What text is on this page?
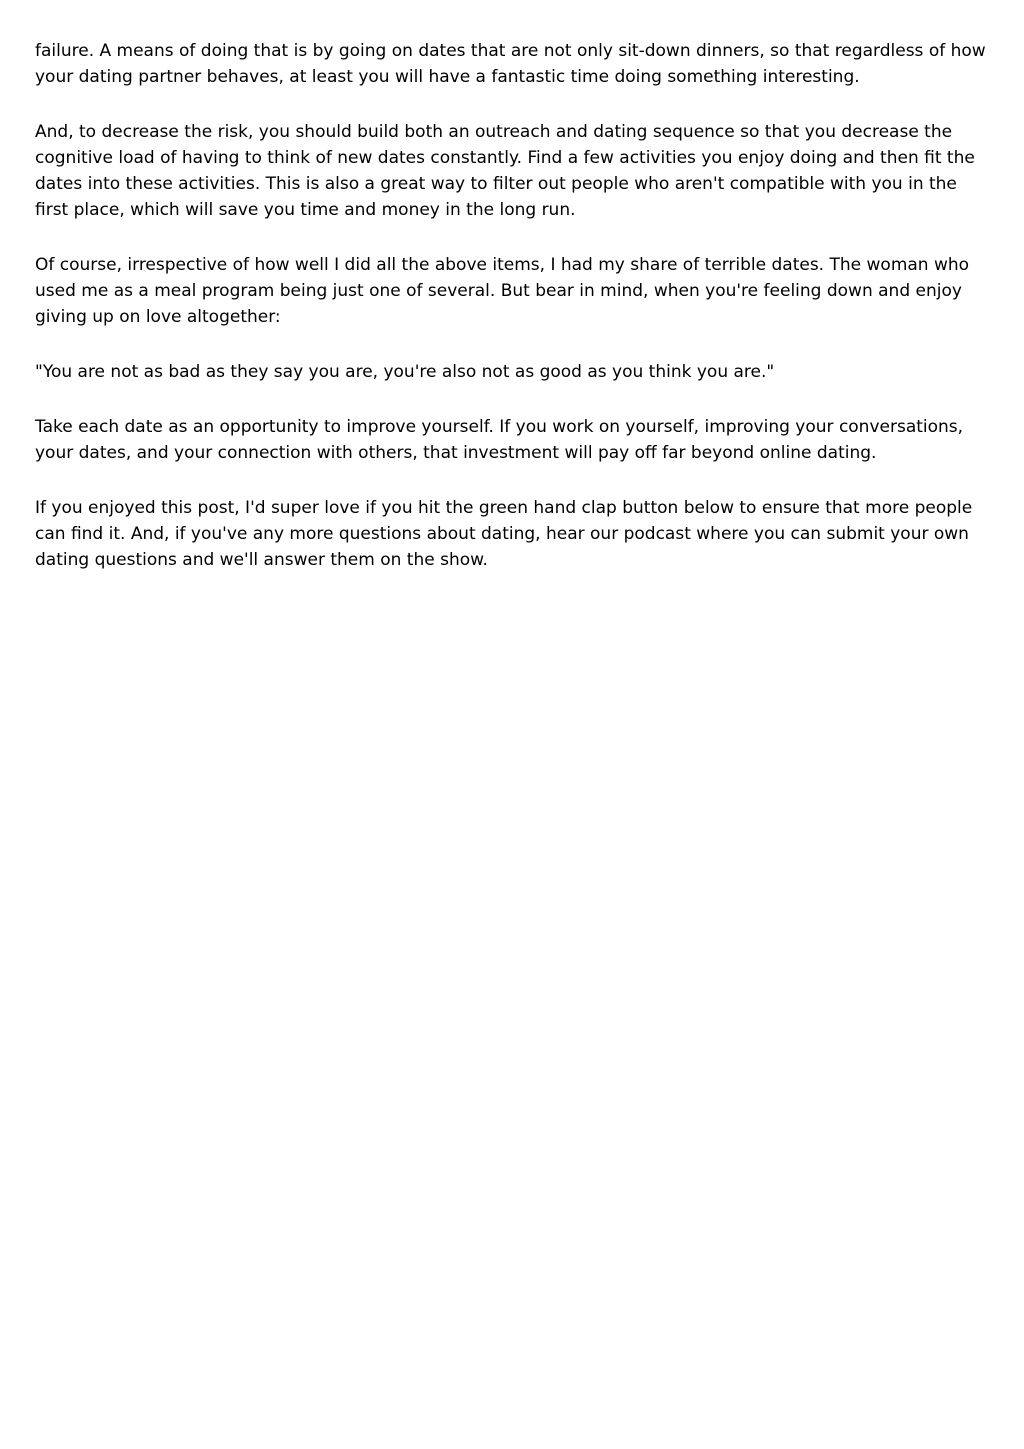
failure. A means of doing that is by going on dates that are not only sit-down dinners, so that regardless of how your dating partner behaves, at least you will have a fantastic time doing something interesting.

And, to decrease the risk, you should build both an outreach and dating sequence so that you decrease the cognitive load of having to think of new dates constantly. Find a few activities you enjoy doing and then fit the dates into these activities. This is also a great way to filter out people who aren't compatible with you in the first place, which will save you time and money in the long run.

Of course, irrespective of how well I did all the above items, I had my share of terrible dates. The woman who used me as a meal program being just one of several. But bear in mind, when you're feeling down and enjoy giving up on love altogether:

"You are not as bad as they say you are, you're also not as good as you think you are."

Take each date as an opportunity to improve yourself. If you work on yourself, improving your conversations, your dates, and your connection with others, that investment will pay off far beyond online dating.

If you enjoyed this post, I'd super love if you hit the green hand clap button below to ensure that more people can find it. And, if you've any more questions about dating, hear our podcast where you can submit your own dating questions and we'll answer them on the show.
